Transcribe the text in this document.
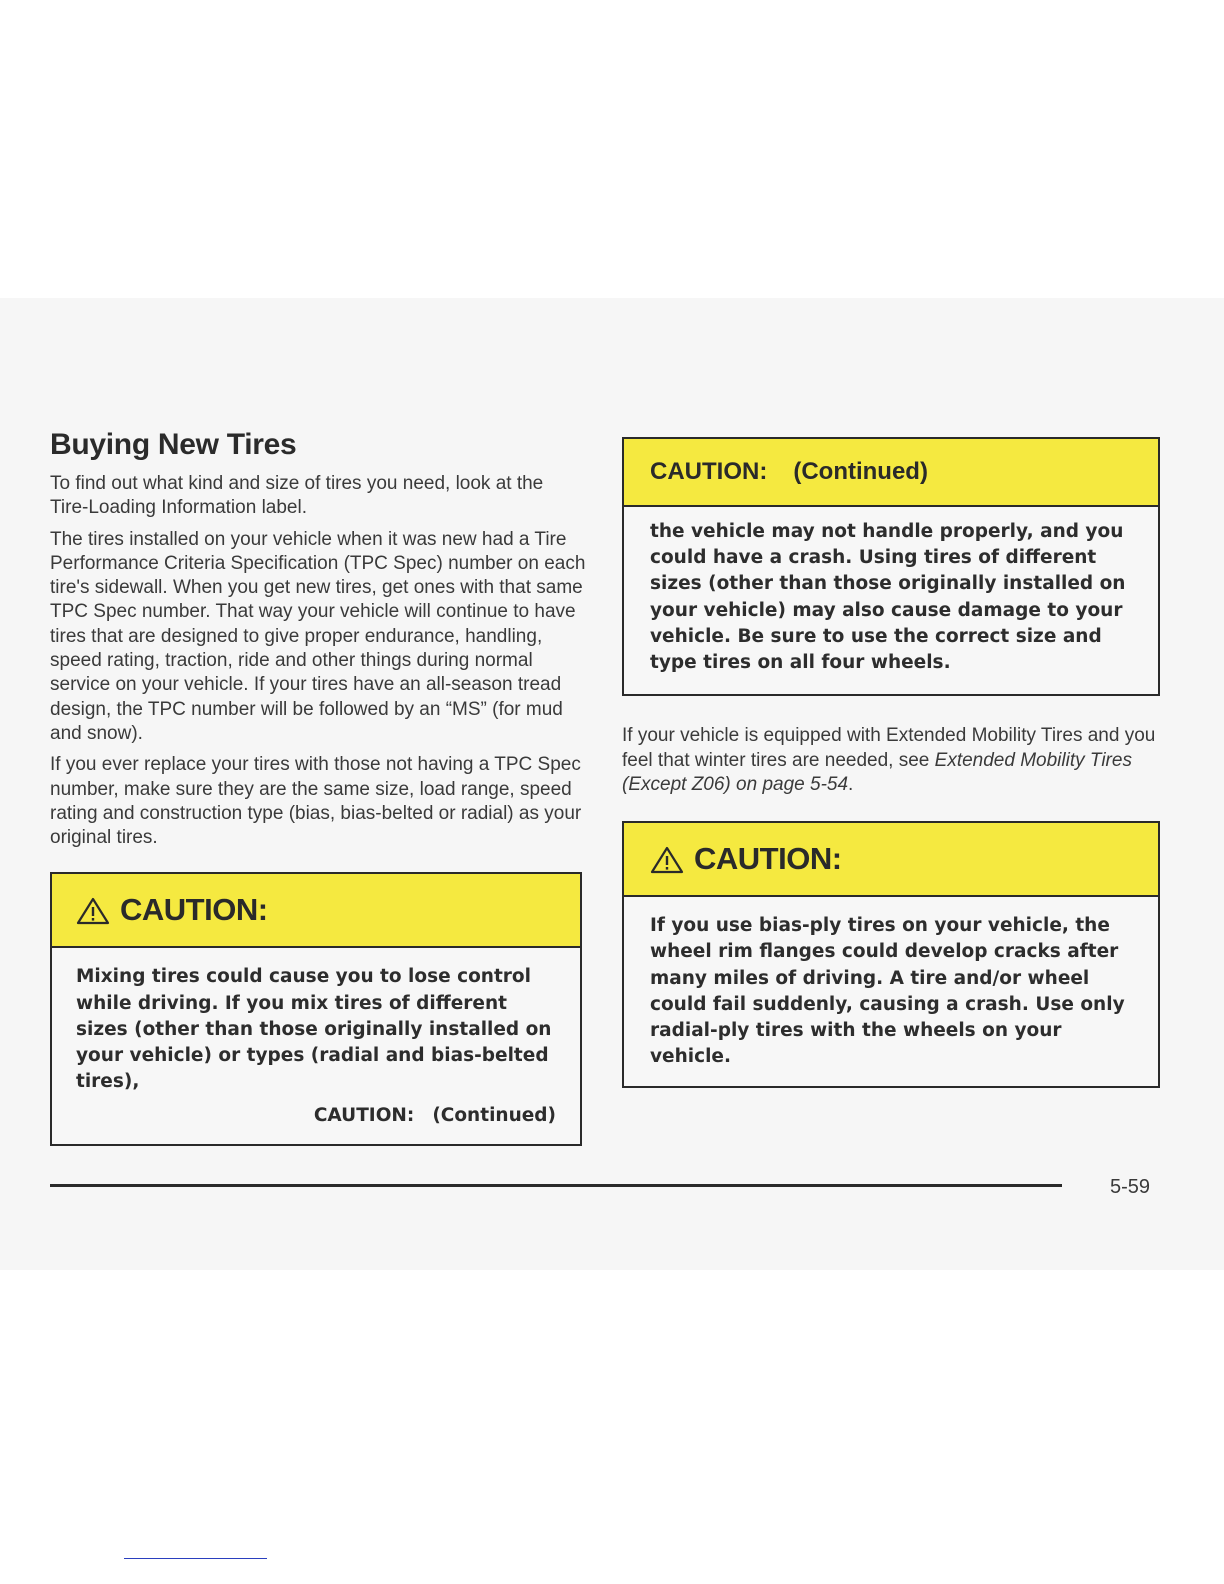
Buying New Tires

To find out what kind and size of tires you need, look at the Tire-Loading Information label.

The tires installed on your vehicle when it was new had a Tire Performance Criteria Specification (TPC Spec) number on each tire's sidewall. When you get new tires, get ones with that same TPC Spec number. That way your vehicle will continue to have tires that are designed to give proper endurance, handling, speed rating, traction, ride and other things during normal service on your vehicle. If your tires have an all-season tread design, the TPC number will be followed by an “MS” (for mud and snow).

If you ever replace your tires with those not having a TPC Spec number, make sure they are the same size, load range, speed rating and construction type (bias, bias-belted or radial) as your original tires.

CAUTION:
Mixing tires could cause you to lose control while driving. If you mix tires of different sizes (other than those originally installed on your vehicle) or types (radial and bias-belted tires),
CAUTION: (Continued)
CAUTION: (Continued)
the vehicle may not handle properly, and you could have a crash. Using tires of different sizes (other than those originally installed on your vehicle) may also cause damage to your vehicle. Be sure to use the correct size and type tires on all four wheels.

If your vehicle is equipped with Extended Mobility Tires and you feel that winter tires are needed, see Extended Mobility Tires (Except Z06) on page 5-54.

CAUTION:
If you use bias-ply tires on your vehicle, the wheel rim flanges could develop cracks after many miles of driving. A tire and/or wheel could fail suddenly, causing a crash. Use only radial-ply tires with the wheels on your vehicle.
5-59
